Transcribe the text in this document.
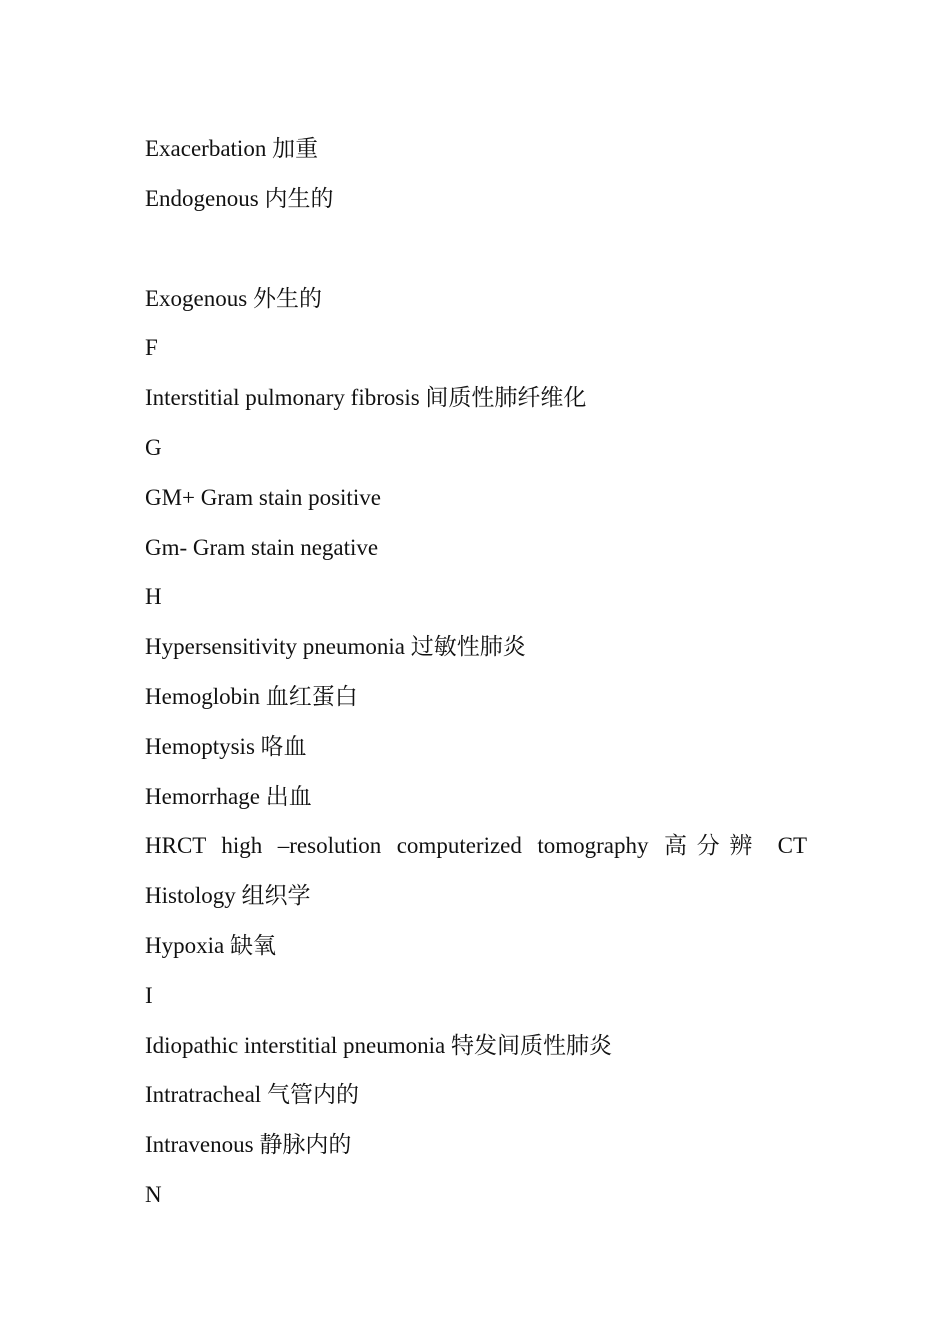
Exacerbation 加重
Endogenous 内生的
Exogenous 外生的
F
Interstitial pulmonary fibrosis 间质性肺纤维化
G
GM+ Gram stain positive
Gm- Gram stain negative
H
Hypersensitivity pneumonia 过敏性肺炎
Hemoglobin 血红蛋白
Hemoptysis 咯血
Hemorrhage 出血
HRCT high –resolution computerized tomography 高分辨 CT
Histology 组织学
Hypoxia 缺氧
I
Idiopathic interstitial pneumonia 特发间质性肺炎
Intratracheal 气管内的
Intravenous 静脉内的
N
